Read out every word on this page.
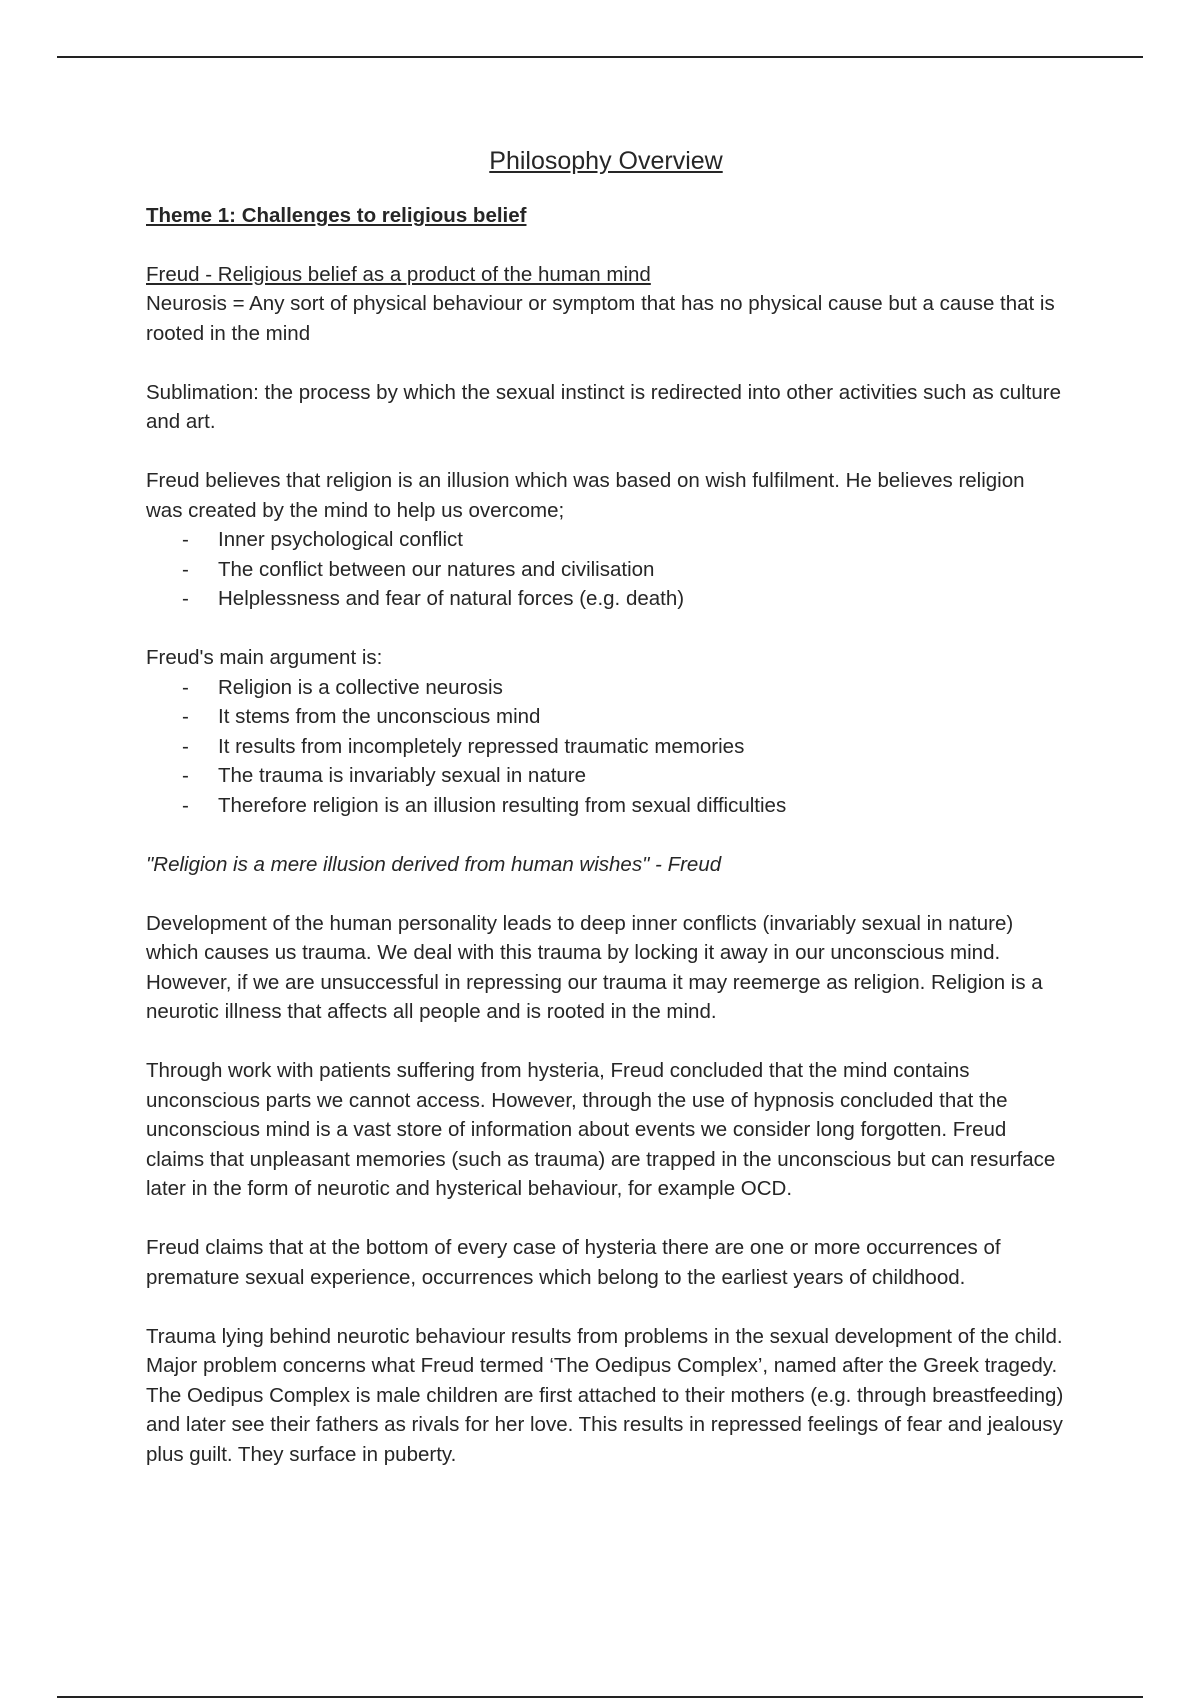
Philosophy Overview
Theme 1: Challenges to religious belief
Freud - Religious belief as a product of the human mind

Neurosis = Any sort of physical behaviour or symptom that has no physical cause but a cause that is rooted in the mind

Sublimation: the process by which the sexual instinct is redirected into other activities such as culture and art.

Freud believes that religion is an illusion which was based on wish fulfilment. He believes religion was created by the mind to help us overcome;

- Inner psychological conflict
- The conflict between our natures and civilisation
- Helplessness and fear of natural forces (e.g. death)

Freud's main argument is:

- Religion is a collective neurosis
- It stems from the unconscious mind
- It results from incompletely repressed traumatic memories
- The trauma is invariably sexual in nature
- Therefore religion is an illusion resulting from sexual difficulties

"Religion is a mere illusion derived from human wishes" - Freud

Development of the human personality leads to deep inner conflicts (invariably sexual in nature) which causes us trauma. We deal with this trauma by locking it away in our unconscious mind. However, if we are unsuccessful in repressing our trauma it may reemerge as religion. Religion is a neurotic illness that affects all people and is rooted in the mind.

Through work with patients suffering from hysteria, Freud concluded that the mind contains unconscious parts we cannot access. However, through the use of hypnosis concluded that the unconscious mind is a vast store of information about events we consider long forgotten. Freud claims that unpleasant memories (such as trauma) are trapped in the unconscious but can resurface later in the form of neurotic and hysterical behaviour, for example OCD.

Freud claims that at the bottom of every case of hysteria there are one or more occurrences of premature sexual experience, occurrences which belong to the earliest years of childhood.

Trauma lying behind neurotic behaviour results from problems in the sexual development of the child. Major problem concerns what Freud termed ‘The Oedipus Complex’, named after the Greek tragedy. The Oedipus Complex is male children are first attached to their mothers (e.g. through breastfeeding) and later see their fathers as rivals for her love. This results in repressed feelings of fear and jealousy plus guilt. They surface in puberty.
